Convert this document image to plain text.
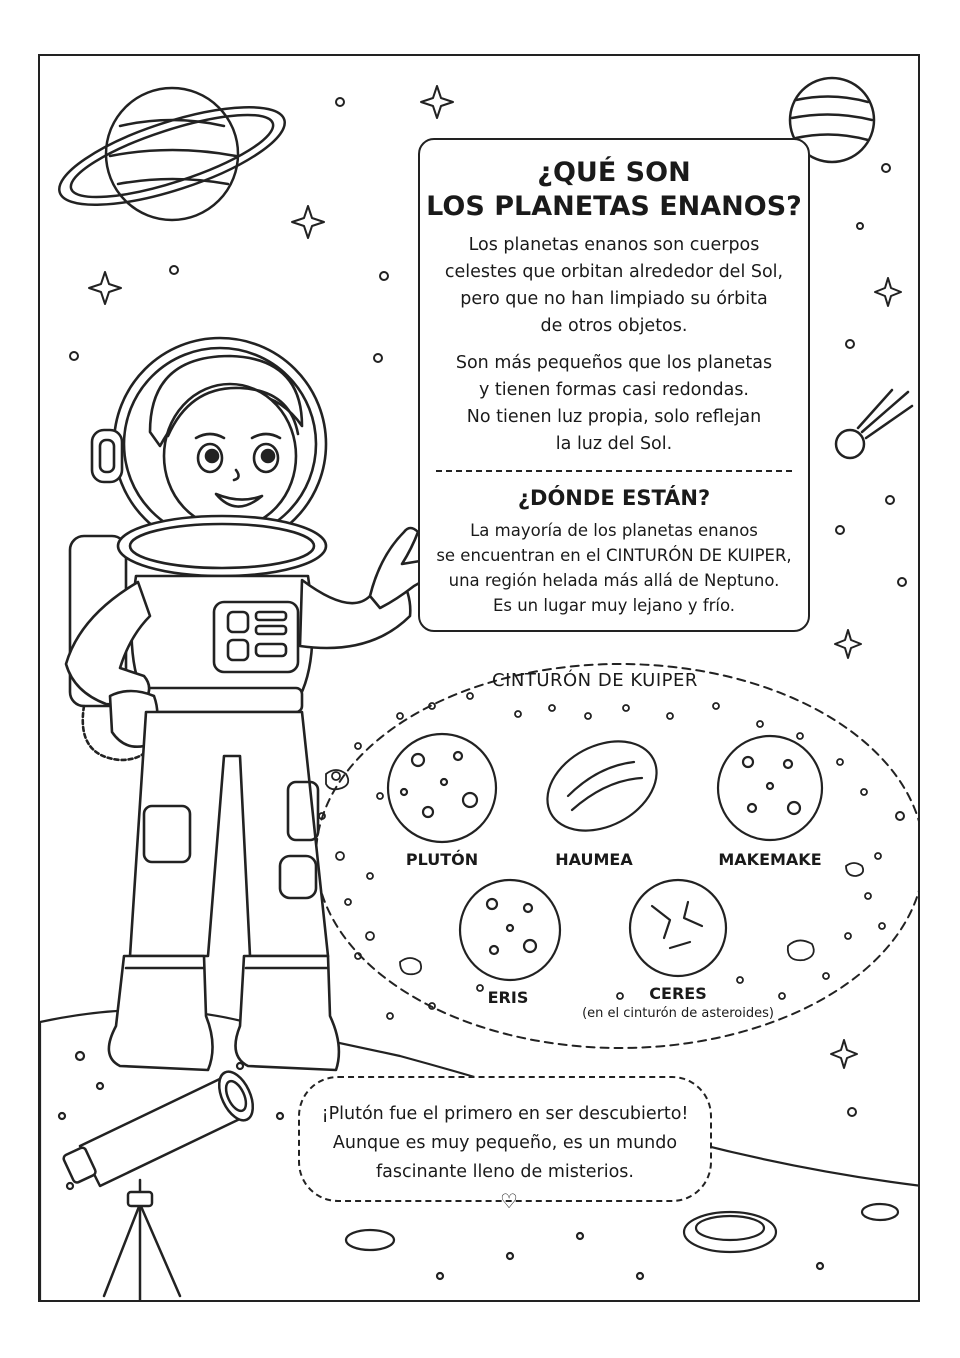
¿QUÉ SON
LOS PLANETAS ENANOS?
Los planetas enanos son cuerpos
celestes que orbitan alrededor del Sol,
pero que no han limpiado su órbita
de otros objetos.
Son más pequeños que los planetas
y tienen formas casi redondas.
No tienen luz propia, solo reflejan
la luz del Sol.
¿DÓNDE ESTÁN?
La mayoría de los planetas enanos
se encuentran en el CINTURÓN DE KUIPER,
una región helada más allá de Neptuno.
Es un lugar muy lejano y frío.
CINTURÓN DE KUIPER
PLUTÓN	HAUMEA	MAKEMAKE
ERIS	CERES
(en el cinturón de asteroides)
¡Plutón fue el primero en ser descubierto!
Aunque es muy pequeño, es un mundo
fascinante lleno de misterios.
♡
